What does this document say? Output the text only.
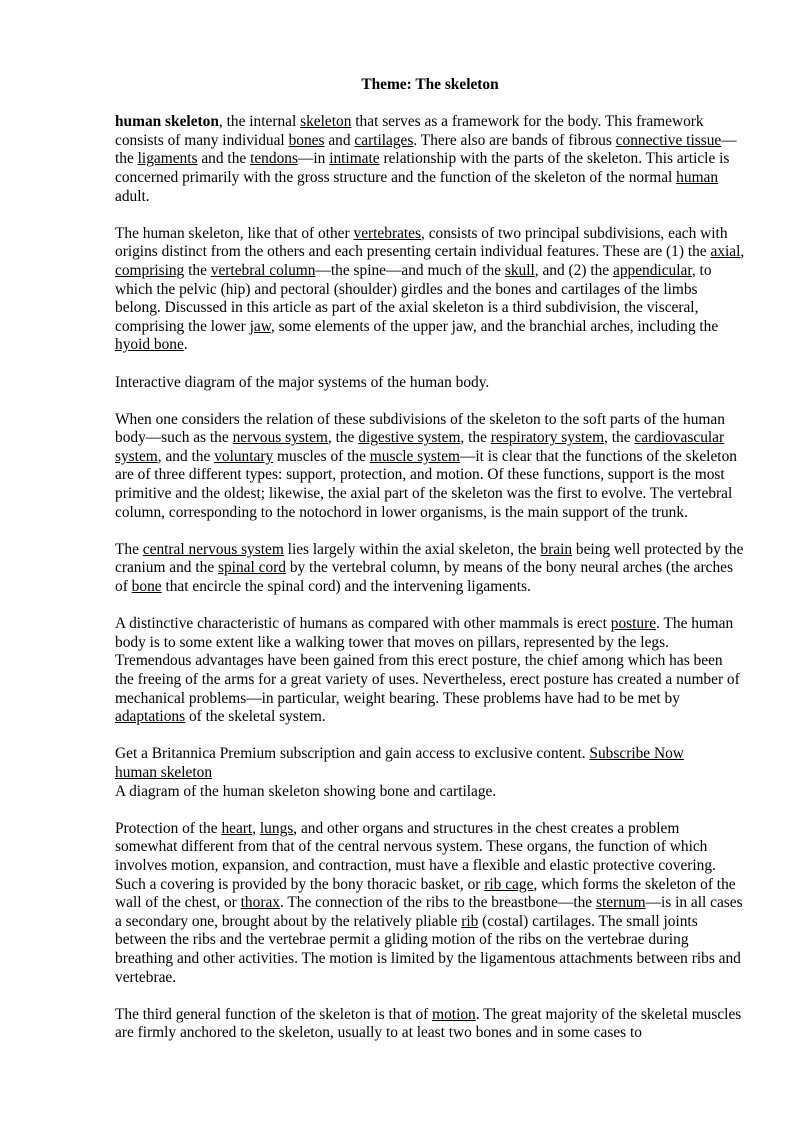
Theme: The skeleton

human skeleton, the internal skeleton that serves as a framework for the body. This framework consists of many individual bones and cartilages. There also are bands of fibrous connective tissue—the ligaments and the tendons—in intimate relationship with the parts of the skeleton. This article is concerned primarily with the gross structure and the function of the skeleton of the normal human adult.

The human skeleton, like that of other vertebrates, consists of two principal subdivisions, each with origins distinct from the others and each presenting certain individual features. These are (1) the axial, comprising the vertebral column—the spine—and much of the skull, and (2) the appendicular, to which the pelvic (hip) and pectoral (shoulder) girdles and the bones and cartilages of the limbs belong. Discussed in this article as part of the axial skeleton is a third subdivision, the visceral, comprising the lower jaw, some elements of the upper jaw, and the branchial arches, including the hyoid bone.

Interactive diagram of the major systems of the human body.

When one considers the relation of these subdivisions of the skeleton to the soft parts of the human body—such as the nervous system, the digestive system, the respiratory system, the cardiovascular system, and the voluntary muscles of the muscle system—it is clear that the functions of the skeleton are of three different types: support, protection, and motion. Of these functions, support is the most primitive and the oldest; likewise, the axial part of the skeleton was the first to evolve. The vertebral column, corresponding to the notochord in lower organisms, is the main support of the trunk.

The central nervous system lies largely within the axial skeleton, the brain being well protected by the cranium and the spinal cord by the vertebral column, by means of the bony neural arches (the arches of bone that encircle the spinal cord) and the intervening ligaments.

A distinctive characteristic of humans as compared with other mammals is erect posture. The human body is to some extent like a walking tower that moves on pillars, represented by the legs. Tremendous advantages have been gained from this erect posture, the chief among which has been the freeing of the arms for a great variety of uses. Nevertheless, erect posture has created a number of mechanical problems—in particular, weight bearing. These problems have had to be met by adaptations of the skeletal system.

Get a Britannica Premium subscription and gain access to exclusive content. Subscribe Now

human skeleton

A diagram of the human skeleton showing bone and cartilage.

Protection of the heart, lungs, and other organs and structures in the chest creates a problem somewhat different from that of the central nervous system. These organs, the function of which involves motion, expansion, and contraction, must have a flexible and elastic protective covering. Such a covering is provided by the bony thoracic basket, or rib cage, which forms the skeleton of the wall of the chest, or thorax. The connection of the ribs to the breastbone—the sternum—is in all cases a secondary one, brought about by the relatively pliable rib (costal) cartilages. The small joints between the ribs and the vertebrae permit a gliding motion of the ribs on the vertebrae during breathing and other activities. The motion is limited by the ligamentous attachments between ribs and vertebrae.

The third general function of the skeleton is that of motion. The great majority of the skeletal muscles are firmly anchored to the skeleton, usually to at least two bones and in some cases to
